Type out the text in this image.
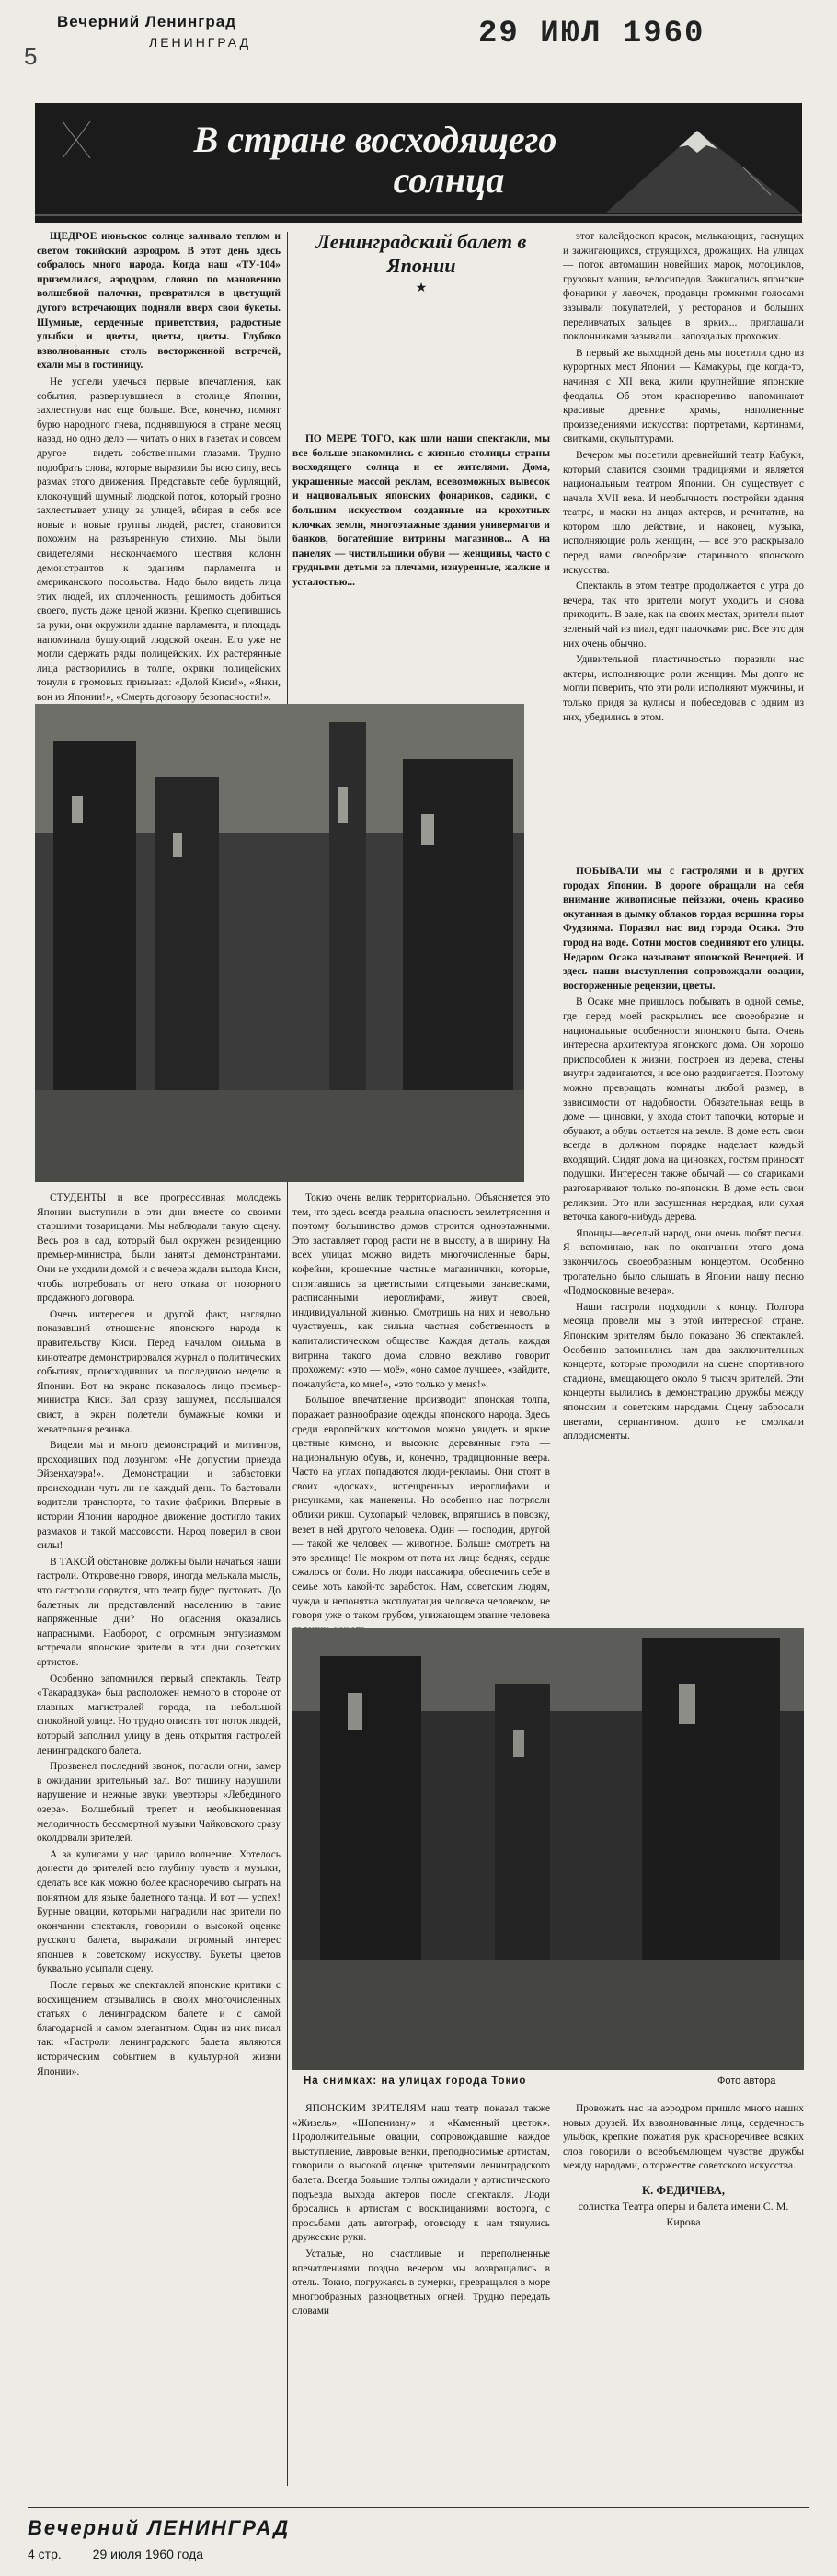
Вечерний Ленинград
ЛЕНИНГРАД
5
29 ИЮЛ 1960
В стране восходящего
солнца

ЩЕДРОЕ июньское солнце заливало теплом и светом токийский аэродром. В этот день здесь собралось много народа. Когда наш «ТУ-104» приземлился, аэродром, словно по мановению волшебной палочки, превратился в цветущий дугого встречающих подняли вверх свои букеты. Шумные, сердечные приветствия, радостные улыбки и цветы, цветы, цветы. Глубоко взволнованные столь восторженной встречей, ехали мы в гостиницу.

Не успели улечься первые впечатления, как события, развернувшиеся в столице Японии, захлестнули нас еще больше. Все, конечно, помнят бурю народного гнева, поднявшуюся в стране месяц назад, но одно дело — читать о них в газетах и совсем другое — видеть собственными глазами. Трудно подобрать слова, которые выразили бы всю силу, весь размах этого движения. Представьте себе бурлящий, клокочущий шумный людской поток, который грозно захлестывает улицу за улицей, вбирая в себя все новые и новые группы людей, растет, становится похожим на разъяренную стихию. Мы были свидетелями нескончаемого шествия колонн демонстрантов к зданиям парламента и американского посольства. Надо было видеть лица этих людей, их сплоченность, решимость добиться своего, пусть даже ценой жизни. Крепко сцепившись за руки, они окружили здание парламента, и площадь напоминала бушующий людской океан. Его уже не могли сдержать ряды полицейских. Их растерянные лица растворились в толпе, окрики полицейских тонули в громовых призывах: «Долой Киси!», «Янки, вон из Японии!», «Смерть договору безопасности!».

Ленинградский балет в Японии
★

этот калейдоскоп красок, мелькающих, гаснущих и зажигающихся, струящихся, дрожащих. На улицах — поток автомашин новейших марок, мотоциклов, грузовых машин, велосипедов. Зажигались японские фонарики у лавочек, продавцы громкими голосами зазывали покупателей, у ресторанов и больших переливчатых зальцев в ярких... приглашали поклонниками зазывали... запоздалых прохожих.

В первый же выходной день мы посетили одно из курортных мест Японии — Камакуры, где когда-то, начиная с XII века, жили крупнейшие японские феодалы. Об этом красноречиво напоминают красивые древние храмы, наполненные произведениями искусства: портретами, картинами, свитками, скульптурами.

Вечером мы посетили древнейший театр Кабуки, который славится своими традициями и является национальным театром Японии. Он существует с начала XVII века. И необычность постройки здания театра, и маски на лицах актеров, и речитатив, на котором шло действие, и наконец, музыка, исполняющие роль женщин, — все это раскрывало перед нами своеобразие старинного японского искусства.

Спектакль в этом театре продолжается с утра до вечера, так что зрители могут уходить и снова приходить. В зале, как на своих местах, зрители пьют зеленый чай из пиал, едят палочками рис. Все это для них очень обычно.

Удивительной пластичностью поразили нас актеры, исполняющие роли женщин. Мы долго не могли поверить, что эти роли исполняют мужчины, и только придя за кулисы и побеседовав с одним из них, убедились в этом.

ПО МЕРЕ ТОГО, как шли наши спектакли, мы все больше знакомились с жизнью столицы страны восходящего солнца и ее жителями. Дома, украшенные массой реклам, всевозможных вывесок и национальных японских фонариков, садики, с большим искусством созданные на крохотных клочках земли, многоэтажные здания универмагов и банков, богатейшие витрины магазинов... А на панелях — чистильщики обуви — женщины, часто с грудными детьми за плечами, изнуренные, жалкие и усталостью...

СТУДЕНТЫ и все прогрессивная молодежь Японии выступили в эти дни вместе со своими старшими товарищами. Мы наблюдали такую сцену. Весь ров в сад, который был окружен резиденцию премьер-министра, были заняты демонстрантами. Они не уходили домой и с вечера ждали выхода Киси, чтобы потребовать от него отказа от позорного продажного договора.

Очень интересен и другой факт, наглядно показавший отношение японского народа к правительству Киси. Перед началом фильма в кинотеатре демонстрировался журнал о политических событиях, происходивших за последнюю неделю в Японии. Вот на экране показалось лицо премьер-министра Киси. Зал сразу зашумел, послышался свист, а экран полетели бумажные комки и жевательная резинка.

Видели мы и много демонстраций и митингов, проходивших под лозунгом: «Не допустим приезда Эйзенхауэра!». Демонстрации и забастовки происходили чуть ли не каждый день. То бастовали водители транспорта, то такие фабрики. Впервые в истории Японии народное движение достигло таких размахов и такой массовости. Народ поверил в свои силы!

В ТАКОЙ обстановке должны были начаться наши гастроли. Откровенно говоря, иногда мелькала мысль, что гастроли сорвутся, что театр будет пустовать. До балетных ли представлений населению в такие напряженные дни? Но опасения оказались напрасными. Наоборот, с огромным энтузиазмом встречали японские зрители в эти дни советских артистов.

Особенно запомнился первый спектакль. Театр «Такарадзука» был расположен немного в стороне от главных магистралей города, на небольшой спокойной улице. Но трудно описать тот поток людей, который заполнил улицу в день открытия гастролей ленинградского балета.

Прозвенел последний звонок, погасли огни, замер в ожидании зрительный зал. Вот тишину нарушили нарушение и нежные звуки увертюры «Лебединого озера». Волшебный трепет и необыкновенная мелодичность бессмертной музыки Чайковского сразу околдовали зрителей.

А за кулисами у нас царило волнение. Хотелось донести до зрителей всю глубину чувств и музыки, сделать все как можно более красноречиво сыграть на понятном для языке балетного танца. И вот — успех! Бурные овации, которыми наградили нас зрители по окончании спектакля, говорили о высокой оценке русского балета, выражали огромный интерес японцев к советскому искусству. Букеты цветов буквально усыпали сцену.

После первых же спектаклей японские критики с восхищением отзывались в своих многочисленных статьях о ленинградском балете и с самой благодарной и самом элегантном. Один из них писал так: «Гастроли ленинградского балета являются историческим событием в культурной жизни Японии».

Токио очень велик территориально. Объясняется это тем, что здесь всегда реальна опасность землетрясения и поэтому большинство домов строится одноэтажными. Это заставляет город расти не в высоту, а в ширину. На всех улицах можно видеть многочисленные бары, кофейни, крошечные частные магазинчики, которые, спрятавшись за цветистыми ситцевыми занавесками, расписанными иероглифами, живут своей, индивидуальной жизнью. Смотришь на них и невольно чувствуешь, как сильна частная собственность в капиталистическом обществе. Каждая деталь, каждая витрина такого дома словно вежливо говорит прохожему: «это — моё», «оно самое лучшее», «зайдите, пожалуйста, ко мне!», «это только у меня!».

Большое впечатление производит японская толпа, поражает разнообразие одежды японского народа. Здесь среди европейских костюмов можно увидеть и яркие цветные кимоно, и высокие деревянные гэта — национальную обувь, и, конечно, традиционные веера. Часто на углах попадаются люди-рекламы. Они стоят в своих «досках», испещренных иероглифами и рисунками, как манекены. Но особенно нас потрясли облики рикш. Сухопарый человек, впрягшись в повозку, везет в ней другого человека. Один — господин, другой — такой же человек — животное. Больше смотреть на это зрелище! Не мокром от пота их лице бедняк, сердце сжалось от боли. Но люди пассажира, обеспечить себе в семье хоть какой-то заработок. Нам, советским людям, чужда и непонятна эксплуатация человека человеком, не говоря уже о таком грубом, унижающем звание человека

ПОБЫВАЛИ мы с гастролями и в других городах Японии. В дороге обращали на себя внимание живописные пейзажи, очень красиво окутанная в дымку облаков гордая вершина горы Фудзияма. Поразил нас вид города Осака. Это город на воде. Сотни мостов соединяют его улицы. Недаром Осака называют японской Венецией. И здесь наши выступления сопровождали овации, восторженные рецензии, цветы.

В Осаке мне пришлось побывать в одной семье, где перед моей раскрылись все своеобразие и национальные особенности японского быта. Очень интересна архитектура японского дома. Он хорошо приспособлен к жизни, построен из дерева, стены внутри задвигаются, и все оно раздвигается. Поэтому можно превращать комнаты любой размер, в зависимости от надобности. Обязательная вещь в доме — циновки, у входа стоит тапочки, которые и обувают, а обувь остается на земле. В доме есть свои всегда в должном порядке наделает каждый входящий. Сидят дома на циновках, гостям приносят подушки. Интересен также обычай — со стариками разговаривают только по-японски. В доме есть свои реликвии. Это или засушенная нередкая, или сухая веточка какого-нибудь дерева.

Японцы—веселый народ, они очень любят песни. Я вспоминаю, как по окончании этого дома закончилось своеобразным концертом. Особенно трогательно было слышать в Японии нашу песню «Подмосковные вечера».

Наши гастроли подходили к концу. Полтора месяца провели мы в этой интересной стране. Японским зрителям было показано 36 спектаклей. Особенно запомнились нам два заключительных концерта, которые проходили на сцене спортивного стадиона, вмещающего около 9 тысяч зрителей. Эти концерты вылились в демонстрацию дружбы между японским и советским народами. Сцену забросали цветами, серпантином. долго не смолкали аплодисменты.

На снимках: на улицах города Токио	Фото автора

ЯПОНСКИМ ЗРИТЕЛЯМ наш театр показал также «Жизель», «Шопениану» и «Каменный цветок». Продолжительные овации, сопровождавшие каждое выступление, лавровые венки, преподносимые артистам, говорили о высокой оценке зрителями ленинградского балета. Всегда большие толпы ожидали у артистического подъезда выхода актеров после спектакля. Люди бросались к артистам с восклицаниями восторга, с просьбами дать автограф, отовсюду к нам тянулись дружеские руки.

Усталые, но счастливые и переполненные впечатлениями поздно вечером мы возвращались в отель. Токио, погружаясь в сумерки, превращался в море многообразных разноцветных огней. Трудно передать словами

Провожать нас на аэродром пришло много наших новых друзей. Их взволнованные лица, сердечность улыбок, крепкие пожатия рук красноречивее всяких слов говорили о всеобъемлющем чувстве дружбы между народами, о торжестве советского искусства.

К. ФЕДИЧЕВА,
солистка Театра оперы и балета имени С. М. Кирова
Вечерний ЛЕНИНГРАД
4 стр. 29 июля 1960 года
